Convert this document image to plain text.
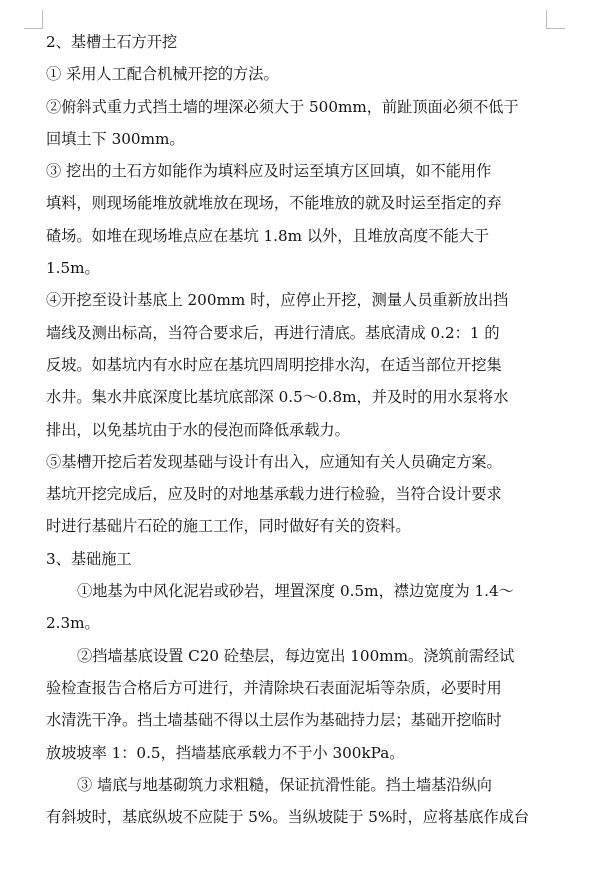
2、基槽土石方开挖
① 采用人工配合机械开挖的方法。
②俯斜式重力式挡土墙的埋深必须大于 500mm，前趾顶面必须不低于
回填土下 300mm。
③ 挖出的土石方如能作为填料应及时运至填方区回填，如不能用作
填料，则现场能堆放就堆放在现场，不能堆放的就及时运至指定的弃
碴场。如堆在现场堆点应在基坑 1.8m 以外，且堆放高度不能大于
1.5m。
④开挖至设计基底上 200mm 时，应停止开挖，测量人员重新放出挡
墙线及测出标高，当符合要求后，再进行清底。基底清成 0.2：1 的
反坡。如基坑内有水时应在基坑四周明挖排水沟，在适当部位开挖集
水井。集水井底深度比基坑底部深 0.5～0.8m，并及时的用水泵将水
排出，以免基坑由于水的侵泡而降低承载力。
⑤基槽开挖后若发现基础与设计有出入，应通知有关人员确定方案。
基坑开挖完成后，应及时的对地基承载力进行检验，当符合设计要求
时进行基础片石砼的施工工作，同时做好有关的资料。
3、基础施工
①地基为中风化泥岩或砂岩，埋置深度 0.5m，襟边宽度为 1.4～
2.3m。
②挡墙基底设置 C20 砼垫层，每边宽出 100mm。浇筑前需经试
验检查报告合格后方可进行，并清除块石表面泥垢等杂质，必要时用
水清洗干净。挡土墙基础不得以土层作为基础持力层；基础开挖临时
放坡坡率 1：0.5，挡墙基底承载力不于小 300kPa。
③ 墙底与地基砌筑力求粗糙，保证抗滑性能。挡土墙基沿纵向
有斜坡时，基底纵坡不应陡于 5%。当纵坡陡于 5%时，应将基底作成台
